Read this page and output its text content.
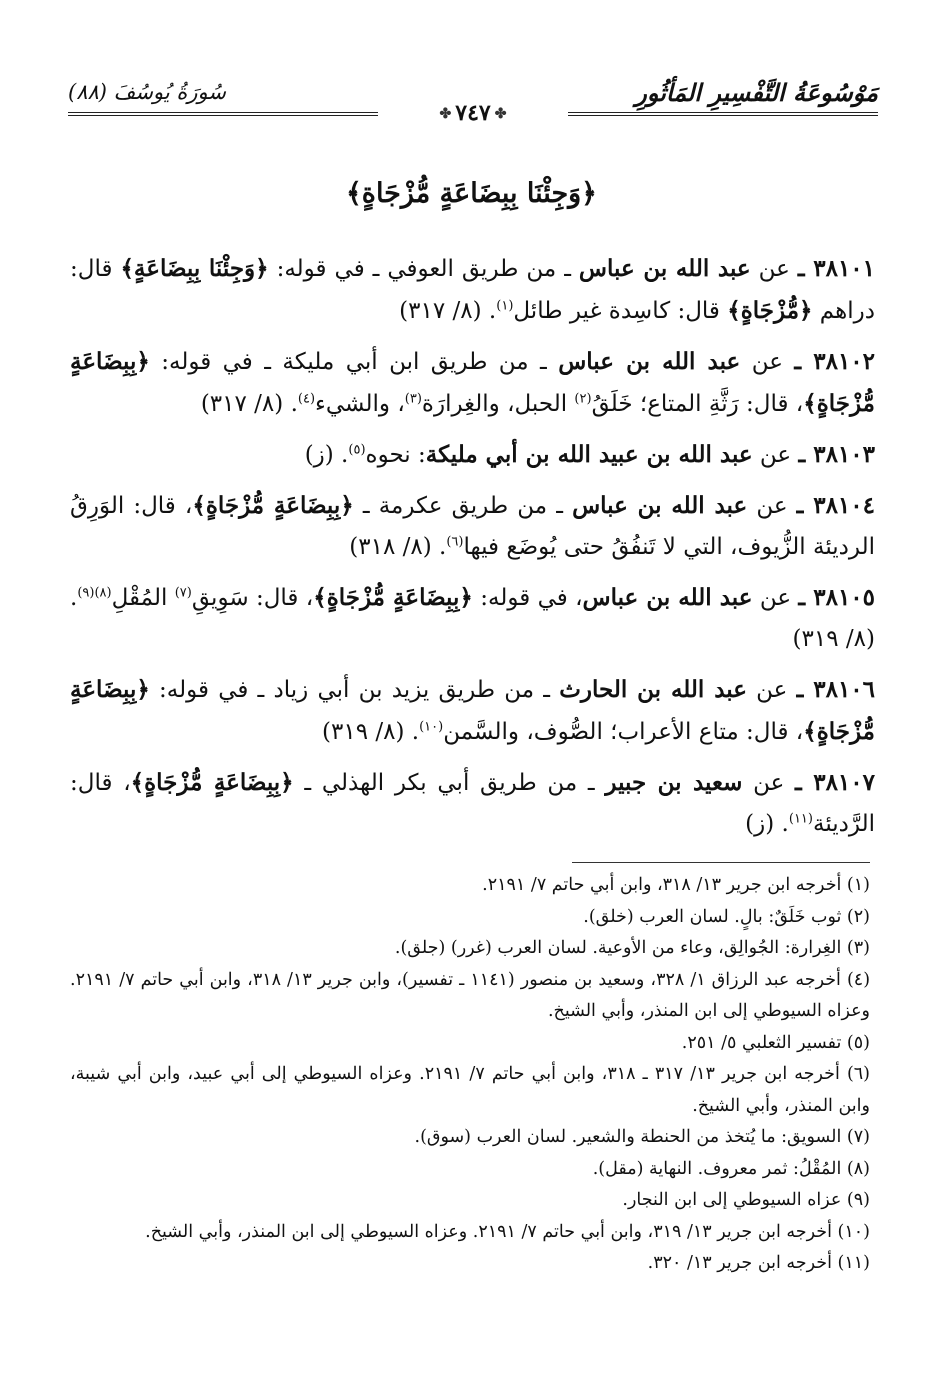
مَوْسُوعَةُ التَّفْسِيرِ المَأثُورِ
سُورَةُ يُوسُفَ (٨٨)
✤٧٤٧✤
﴿وَجِئْنَا بِبِضَاعَةٍ مُّزْجَاةٍ﴾

٣٨١٠١ ـ عن عبد الله بن عباس ـ من طريق العوفي ـ في قوله: ﴿وَجِئْنَا بِبِضَاعَةٍ﴾ قال: دراهم ﴿مُّزْجَاةٍ﴾ قال: كاسِدة غير طائل$^{(١)}$. (٨/ ٣١٧)

٣٨١٠٢ ـ عن عبد الله بن عباس ـ من طريق ابن أبي مليكة ـ في قوله: ﴿بِبِضَاعَةٍ مُّزْجَاةٍ﴾، قال: رَثَّةِ المتاع؛ خَلَقُ$^{(٢)}$ الحبل، والغِرارَة$^{(٣)}$، والشيء$^{(٤)}$. (٨/ ٣١٧)

٣٨١٠٣ ـ عن عبد الله بن عبيد الله بن أبي مليكة: نحوه$^{(٥)}$. (ز)

٣٨١٠٤ ـ عن عبد الله بن عباس ـ من طريق عكرمة ـ ﴿بِبِضَاعَةٍ مُّزْجَاةٍ﴾، قال: الوَرِقُ الرديئة الزُّيوف، التي لا تَنفُقُ حتى يُوضَع فيها$^{(٦)}$. (٨/ ٣١٨)

٣٨١٠٥ ـ عن عبد الله بن عباس، في قوله: ﴿بِبِضَاعَةٍ مُّزْجَاةٍ﴾، قال: سَوِيقِ$^{(٧)}$ المُقْلِ$^{(٨)(٩)}$. (٨/ ٣١٩)

٣٨١٠٦ ـ عن عبد الله بن الحارث ـ من طريق يزيد بن أبي زياد ـ في قوله: ﴿بِبِضَاعَةٍ مُّزْجَاةٍ﴾، قال: متاع الأعراب؛ الصُّوف، والسَّمن$^{(١٠)}$. (٨/ ٣١٩)

٣٨١٠٧ ـ عن سعيد بن جبير ـ من طريق أبي بكر الهذلي ـ ﴿بِبِضَاعَةٍ مُّزْجَاةٍ﴾، قال: الرَّديئة$^{(١١)}$. (ز)

(١) أخرجه ابن جرير ١٣/ ٣١٨، وابن أبي حاتم ٧/ ٢١٩١.

(٢) ثوب خَلَقٌ: بالٍ. لسان العرب (خلق).

(٣) الغِرارة: الجُوالِق، وعاء من الأوعية. لسان العرب (غرر) (جلق).

(٤) أخرجه عبد الرزاق ١/ ٣٢٨، وسعيد بن منصور (١١٤١ ـ تفسير)، وابن جرير ١٣/ ٣١٨، وابن أبي حاتم ٧/ ٢١٩١. وعزاه السيوطي إلى ابن المنذر، وأبي الشيخ.

(٥) تفسير الثعلبي ٥/ ٢٥١.

(٦) أخرجه ابن جرير ١٣/ ٣١٧ ـ ٣١٨، وابن أبي حاتم ٧/ ٢١٩١. وعزاه السيوطي إلى أبي عبيد، وابن أبي شيبة، وابن المنذر، وأبي الشيخ.

(٧) السويق: ما يُتخذ من الحنطة والشعير. لسان العرب (سوق).

(٨) المُقْلُ: ثمر معروف. النهاية (مقل).

(٩) عزاه السيوطي إلى ابن النجار.

(١٠) أخرجه ابن جرير ١٣/ ٣١٩، وابن أبي حاتم ٧/ ٢١٩١. وعزاه السيوطي إلى ابن المنذر، وأبي الشيخ.

(١١) أخرجه ابن جرير ١٣/ ٣٢٠.
